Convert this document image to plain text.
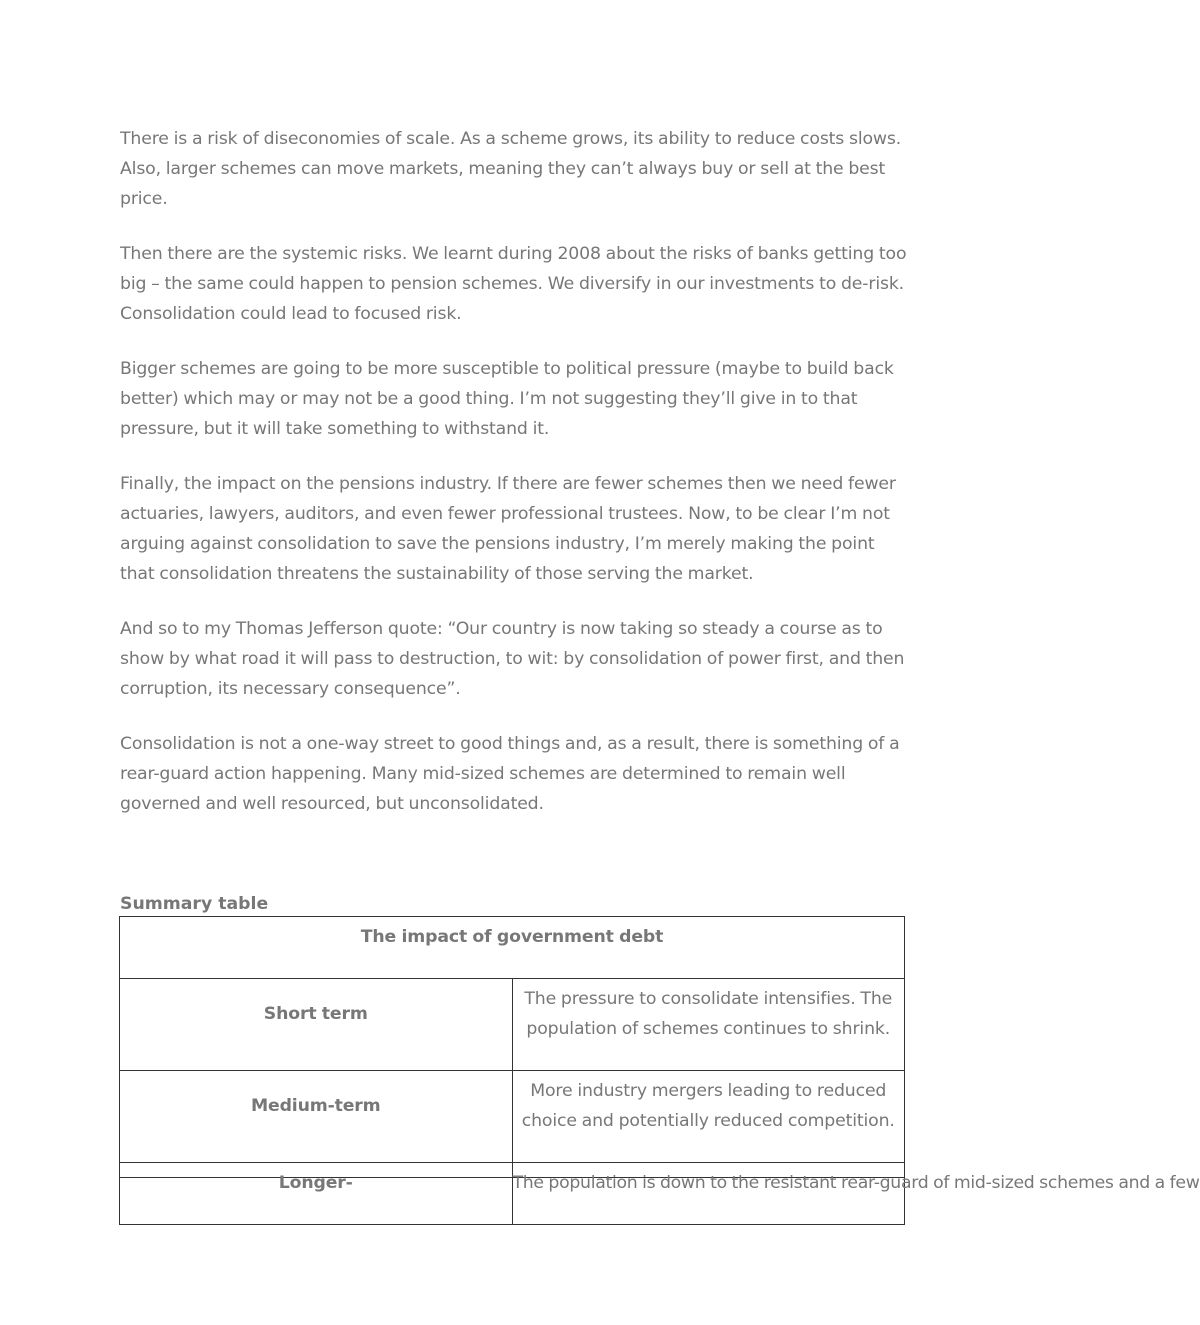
There is a risk of diseconomies of scale. As a scheme grows, its ability to reduce costs slows. Also, larger schemes can move markets, meaning they can’t always buy or sell at the best price.

Then there are the systemic risks. We learnt during 2008 about the risks of banks getting too big – the same could happen to pension schemes. We diversify in our investments to de-risk. Consolidation could lead to focused risk.

Bigger schemes are going to be more susceptible to political pressure (maybe to build back better) which may or may not be a good thing. I’m not suggesting they’ll give in to that pressure, but it will take something to withstand it.

Finally, the impact on the pensions industry. If there are fewer schemes then we need fewer actuaries, lawyers, auditors, and even fewer professional trustees. Now, to be clear I’m not arguing against consolidation to save the pensions industry, I’m merely making the point that consolidation threatens the sustainability of those serving the market.

And so to my Thomas Jefferson quote: “Our country is now taking so steady a course as to show by what road it will pass to destruction, to wit: by consolidation of power first, and then corruption, its necessary consequence”.

Consolidation is not a one-way street to good things and, as a result, there is something of a rear-guard action happening. Many mid-sized schemes are determined to remain well governed and well resourced, but unconsolidated.

Summary table
The impact of government debt	
Short term	The pressure to consolidate intensifies. The population of schemes continues to shrink.
Medium-term	More industry mergers leading to reduced choice and potentially reduced competition.
Longer-	The population is down to the resistant rear-guard of mid-sized schemes and a few
